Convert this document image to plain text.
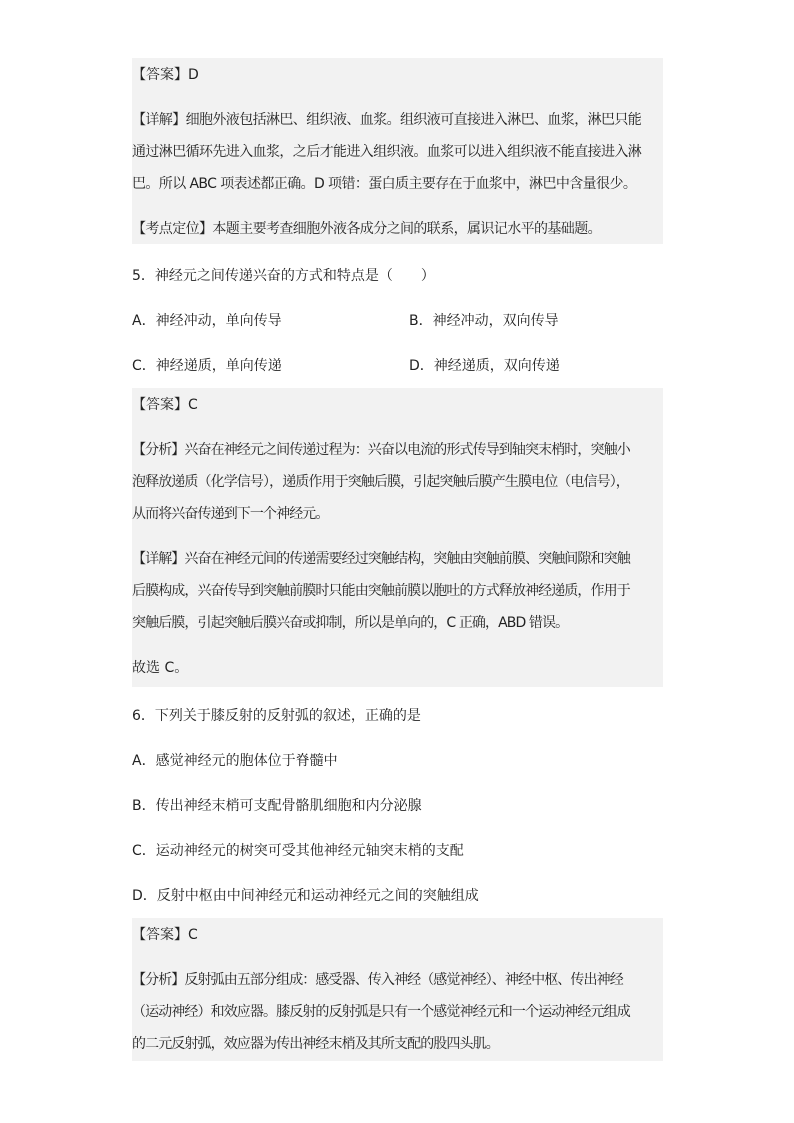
【答案】D
【详解】细胞外液包括淋巴、组织液、血浆。组织液可直接进入淋巴、血浆，淋巴只能
通过淋巴循环先进入血浆，之后才能进入组织液。血浆可以进入组织液不能直接进入淋
巴。所以 ABC 项表述都正确。D 项错：蛋白质主要存在于血浆中，淋巴中含量很少。
【考点定位】本题主要考查细胞外液各成分之间的联系，属识记水平的基础题。
5．神经元之间传递兴奋的方式和特点是（　　）
A．神经冲动，单向传导	B．神经冲动，双向传导
C．神经递质，单向传递	D．神经递质，双向传递
【答案】C
【分析】兴奋在神经元之间传递过程为：兴奋以电流的形式传导到轴突末梢时，突触小
泡释放递质（化学信号），递质作用于突触后膜，引起突触后膜产生膜电位（电信号），
从而将兴奋传递到下一个神经元。
【详解】兴奋在神经元间的传递需要经过突触结构，突触由突触前膜、突触间隙和突触
后膜构成，兴奋传导到突触前膜时只能由突触前膜以胞吐的方式释放神经递质，作用于
突触后膜，引起突触后膜兴奋或抑制，所以是单向的，C 正确，ABD 错误。
故选 C。
6．下列关于膝反射的反射弧的叙述，正确的是
A．感觉神经元的胞体位于脊髓中
B．传出神经末梢可支配骨骼肌细胞和内分泌腺
C．运动神经元的树突可受其他神经元轴突末梢的支配
D．反射中枢由中间神经元和运动神经元之间的突触组成
【答案】C
【分析】反射弧由五部分组成：感受器、传入神经（感觉神经）、神经中枢、传出神经
（运动神经）和效应器。膝反射的反射弧是只有一个感觉神经元和一个运动神经元组成
的二元反射弧，效应器为传出神经末梢及其所支配的股四头肌。
